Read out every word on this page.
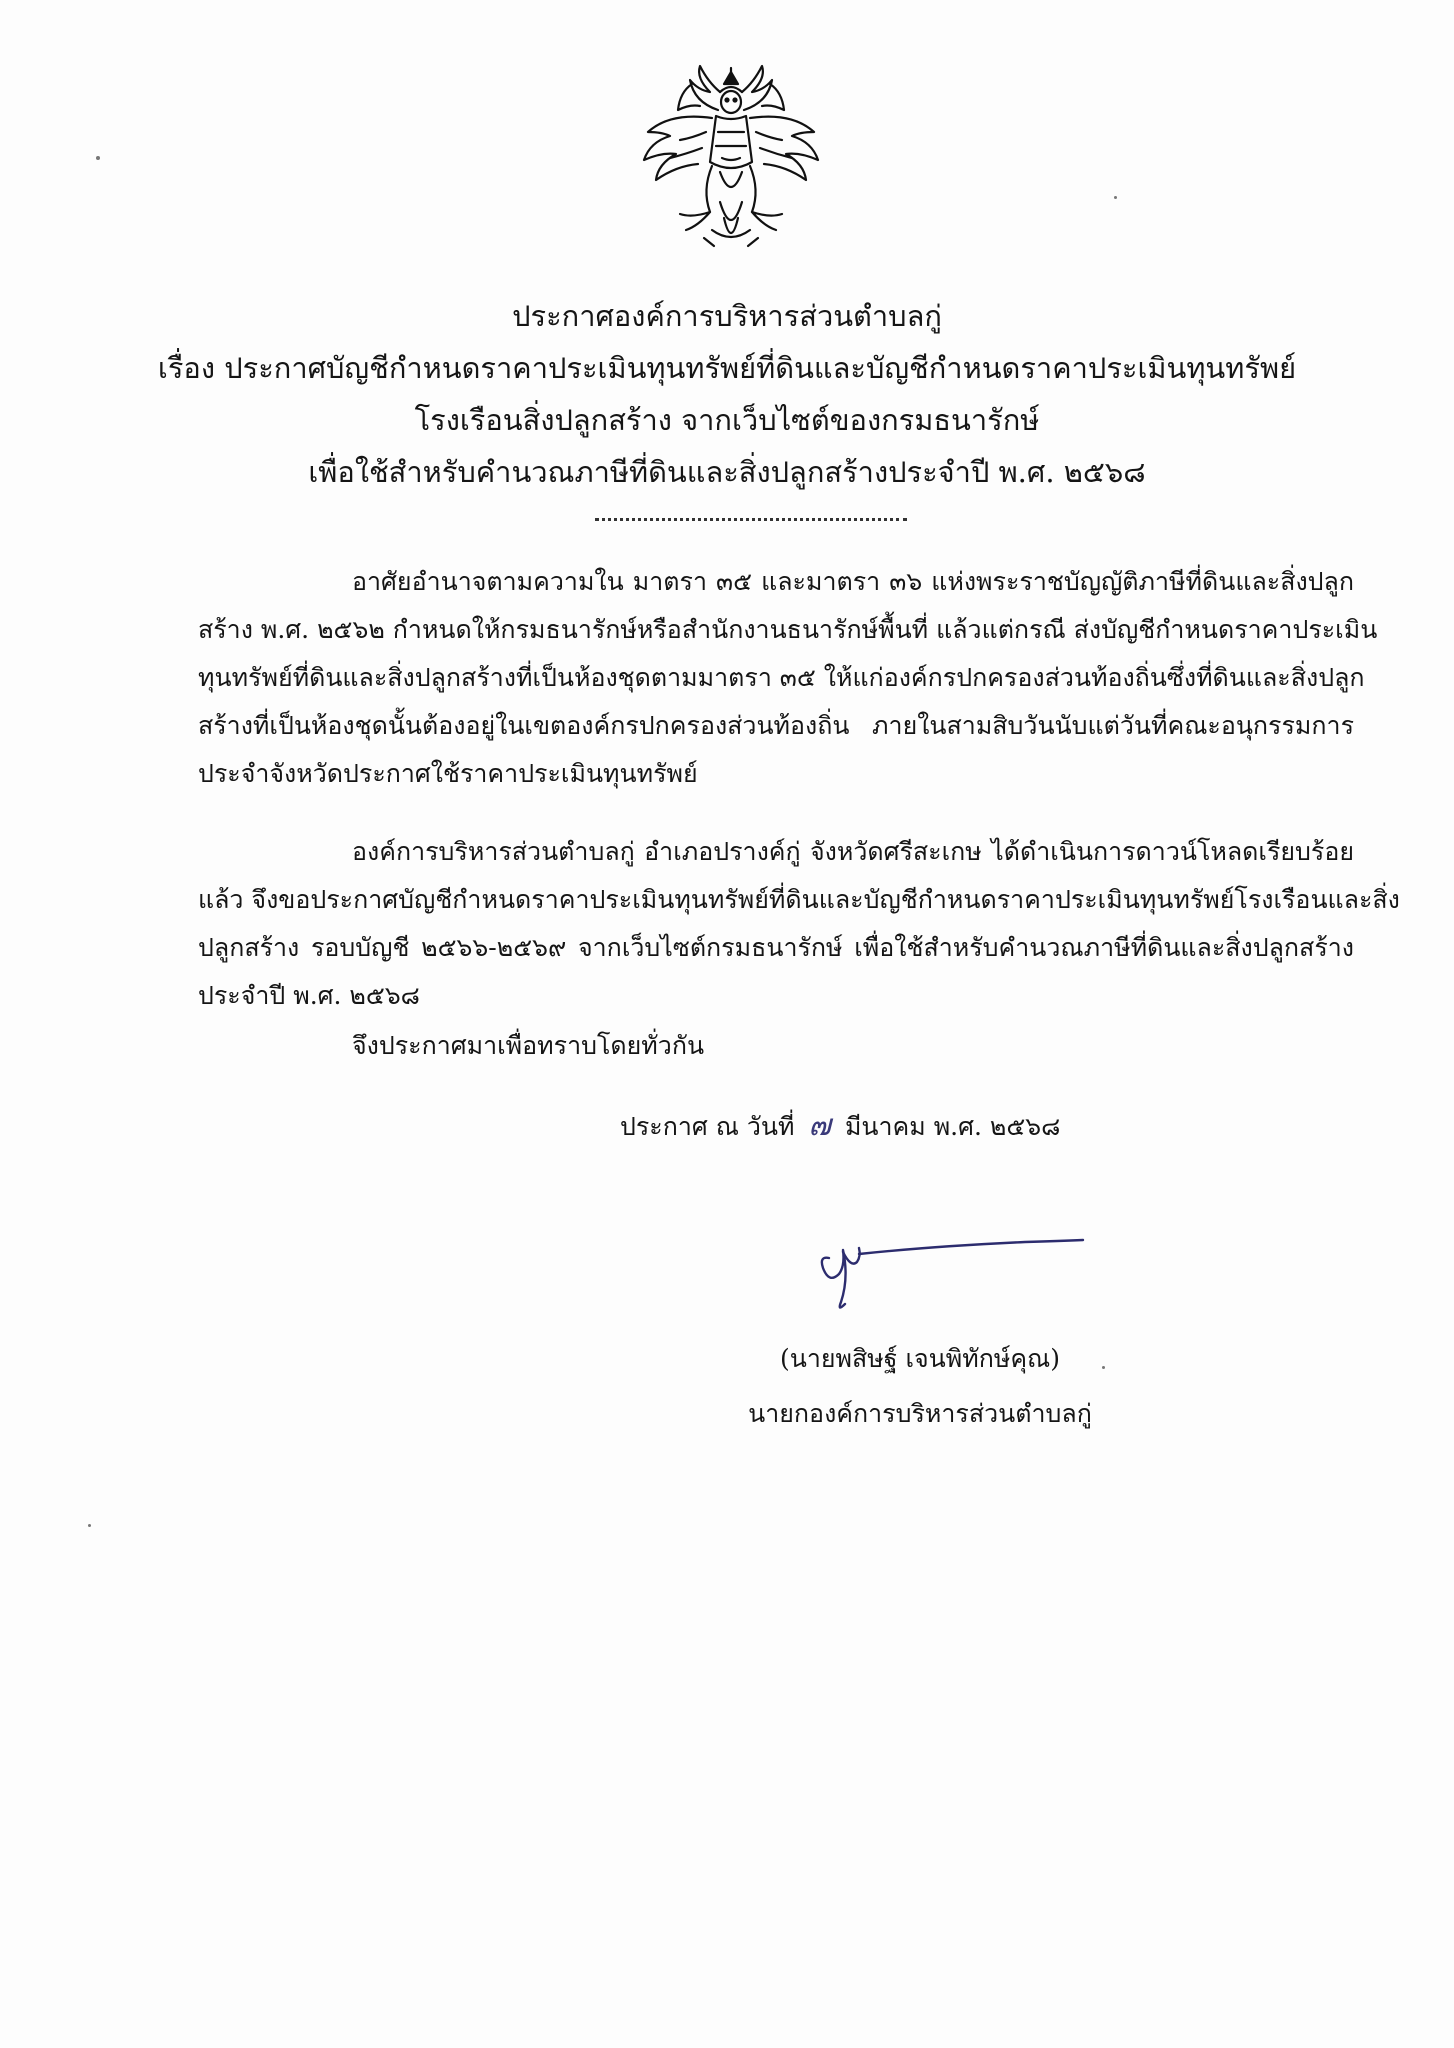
ประกาศองค์การบริหารส่วนตำบลกู่
เรื่อง ประกาศบัญชีกำหนดราคาประเมินทุนทรัพย์ที่ดินและบัญชีกำหนดราคาประเมินทุนทรัพย์
โรงเรือนสิ่งปลูกสร้าง จากเว็บไซต์ของกรมธนารักษ์
เพื่อใช้สำหรับคำนวณภาษีที่ดินและสิ่งปลูกสร้างประจำปี พ.ศ. ๒๕๖๘
อาศัยอำนาจตามความใน มาตรา ๓๕ และมาตรา ๓๖ แห่งพระราชบัญญัติภาษีที่ดินและสิ่งปลูก
สร้าง พ.ศ. ๒๕๖๒ กำหนดให้กรมธนารักษ์หรือสำนักงานธนารักษ์พื้นที่ แล้วแต่กรณี ส่งบัญชีกำหนดราคาประเมิน
ทุนทรัพย์ที่ดินและสิ่งปลูกสร้างที่เป็นห้องชุดตามมาตรา ๓๕ ให้แก่องค์กรปกครองส่วนท้องถิ่นซึ่งที่ดินและสิ่งปลูก
สร้างที่เป็นห้องชุดนั้นต้องอยู่ในเขตองค์กรปกครองส่วนท้องถิ่น ภายในสามสิบวันนับแต่วันที่คณะอนุกรรมการ
ประจำจังหวัดประกาศใช้ราคาประเมินทุนทรัพย์
องค์การบริหารส่วนตำบลกู่ อำเภอปรางค์กู่ จังหวัดศรีสะเกษ ได้ดำเนินการดาวน์โหลดเรียบร้อย
แล้ว จึงขอประกาศบัญชีกำหนดราคาประเมินทุนทรัพย์ที่ดินและบัญชีกำหนดราคาประเมินทุนทรัพย์โรงเรือนและสิ่ง
ปลูกสร้าง รอบบัญชี ๒๕๖๖-๒๕๖๙ จากเว็บไซต์กรมธนารักษ์ เพื่อใช้สำหรับคำนวณภาษีที่ดินและสิ่งปลูกสร้าง
ประจำปี พ.ศ. ๒๕๖๘
จึงประกาศมาเพื่อทราบโดยทั่วกัน
ประกาศ ณ วันที่ ๗ มีนาคม พ.ศ. ๒๕๖๘
(นายพสิษฐ์ เจนพิทักษ์คุณ)
นายกองค์การบริหารส่วนตำบลกู่
